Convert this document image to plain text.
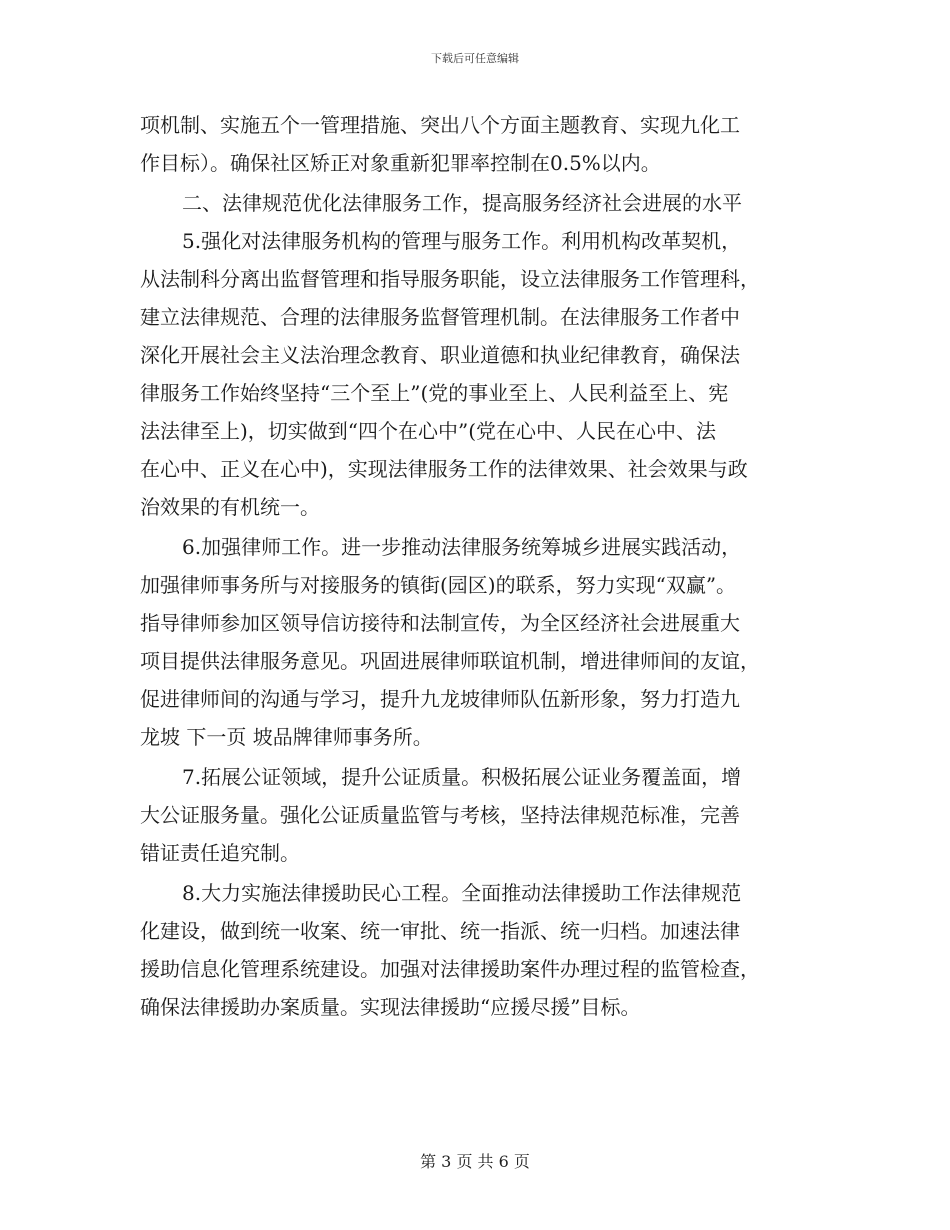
下载后可任意编辑
项机制、实施五个一管理措施、突出八个方面主题教育、实现九化工
作目标）。确保社区矫正对象重新犯罪率控制在0.5%以内。
二、法律规范优化法律服务工作，提高服务经济社会进展的水平
5.强化对法律服务机构的管理与服务工作。利用机构改革契机，
从法制科分离出监督管理和指导服务职能，设立法律服务工作管理科，
建立法律规范、合理的法律服务监督管理机制。在法律服务工作者中
深化开展社会主义法治理念教育、职业道德和执业纪律教育，确保法
律服务工作始终坚持“三个至上”(党的事业至上、人民利益至上、宪
法法律至上)，切实做到“四个在心中”(党在心中、人民在心中、法
在心中、正义在心中)，实现法律服务工作的法律效果、社会效果与政
治效果的有机统一。
6.加强律师工作。进一步推动法律服务统筹城乡进展实践活动，
加强律师事务所与对接服务的镇街(园区)的联系，努力实现“双赢”。
指导律师参加区领导信访接待和法制宣传，为全区经济社会进展重大
项目提供法律服务意见。巩固进展律师联谊机制，增进律师间的友谊，
促进律师间的沟通与学习，提升九龙坡律师队伍新形象，努力打造九
龙坡 下一页 坡品牌律师事务所。
7.拓展公证领域，提升公证质量。积极拓展公证业务覆盖面，增
大公证服务量。强化公证质量监管与考核，坚持法律规范标准，完善
错证责任追究制。
8.大力实施法律援助民心工程。全面推动法律援助工作法律规范
化建设，做到统一收案、统一审批、统一指派、统一归档。加速法律
援助信息化管理系统建设。加强对法律援助案件办理过程的监管检查，
确保法律援助办案质量。实现法律援助“应援尽援”目标。
第 3 页 共 6 页
